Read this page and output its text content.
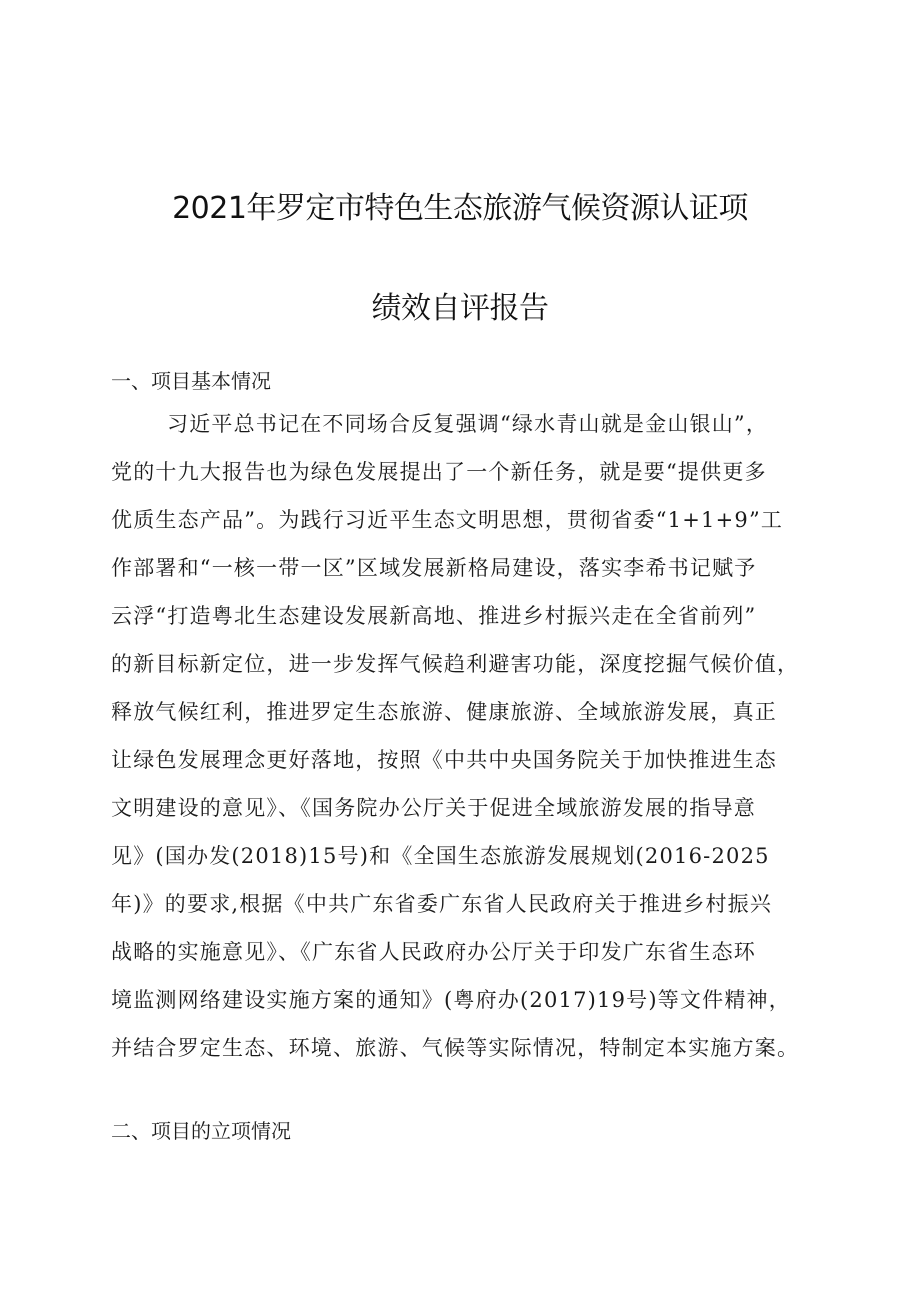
2021年罗定市特色生态旅游气候资源认证项
绩效自评报告
一、项目基本情况
习近平总书记在不同场合反复强调“绿水青山就是金山银山”，
党的十九大报告也为绿色发展提出了一个新任务，就是要“提供更多
优质生态产品”。为践行习近平生态文明思想，贯彻省委“1+1+9”工
作部署和“一核一带一区”区域发展新格局建设，落实李希书记赋予
云浮“打造粤北生态建设发展新高地、推进乡村振兴走在全省前列”
的新目标新定位，进一步发挥气候趋利避害功能，深度挖掘气候价值，
释放气候红利，推进罗定生态旅游、健康旅游、全域旅游发展，真正
让绿色发展理念更好落地，按照《中共中央国务院关于加快推进生态
文明建设的意见》、《国务院办公厅关于促进全域旅游发展的指导意
见》(国办发(2018)15号)和《全国生态旅游发展规划(2016-2025
年)》的要求,根据《中共广东省委广东省人民政府关于推进乡村振兴
战略的实施意见》、《广东省人民政府办公厅关于印发广东省生态环
境监测网络建设实施方案的通知》(粤府办(2017)19号)等文件精神，
并结合罗定生态、环境、旅游、气候等实际情况，特制定本实施方案。
二、项目的立项情况
